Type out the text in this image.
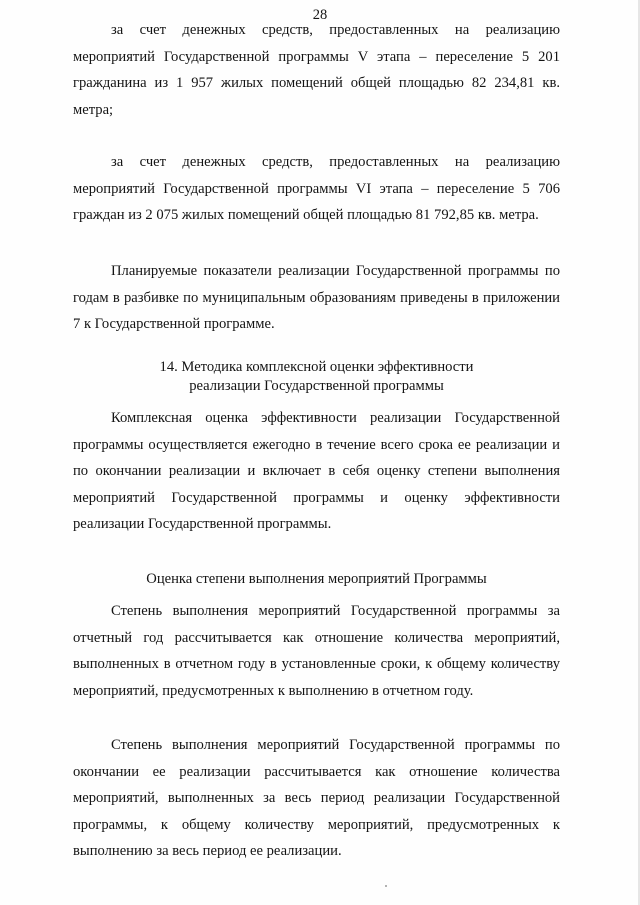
28

за счет денежных средств, предоставленных на реализацию мероприятий Государственной программы V этапа – переселение 5 201 гражданина из 1 957 жилых помещений общей площадью 82 234,81 кв. метра;

за счет денежных средств, предоставленных на реализацию мероприятий Государственной программы VI этапа – переселение 5 706 граждан из 2 075 жилых помещений общей площадью 81 792,85 кв. метра.

Планируемые показатели реализации Государственной программы по годам в разбивке по муниципальным образованиям приведены в приложении 7 к Государственной программе.

14. Методика комплексной оценки эффективности
реализации Государственной программы

Комплексная оценка эффективности реализации Государственной программы осуществляется ежегодно в течение всего срока ее реализации и по окончании реализации и включает в себя оценку степени выполнения мероприятий Государственной программы и оценку эффективности реализации Государственной программы.

Оценка степени выполнения мероприятий Программы

Степень выполнения мероприятий Государственной программы за отчетный год рассчитывается как отношение количества мероприятий, выполненных в отчетном году в установленные сроки, к общему количеству мероприятий, предусмотренных к выполнению в отчетном году.

Степень выполнения мероприятий Государственной программы по окончании ее реализации рассчитывается как отношение количества мероприятий, выполненных за весь период реализации Государственной программы, к общему количеству мероприятий, предусмотренных к выполнению за весь период ее реализации.
